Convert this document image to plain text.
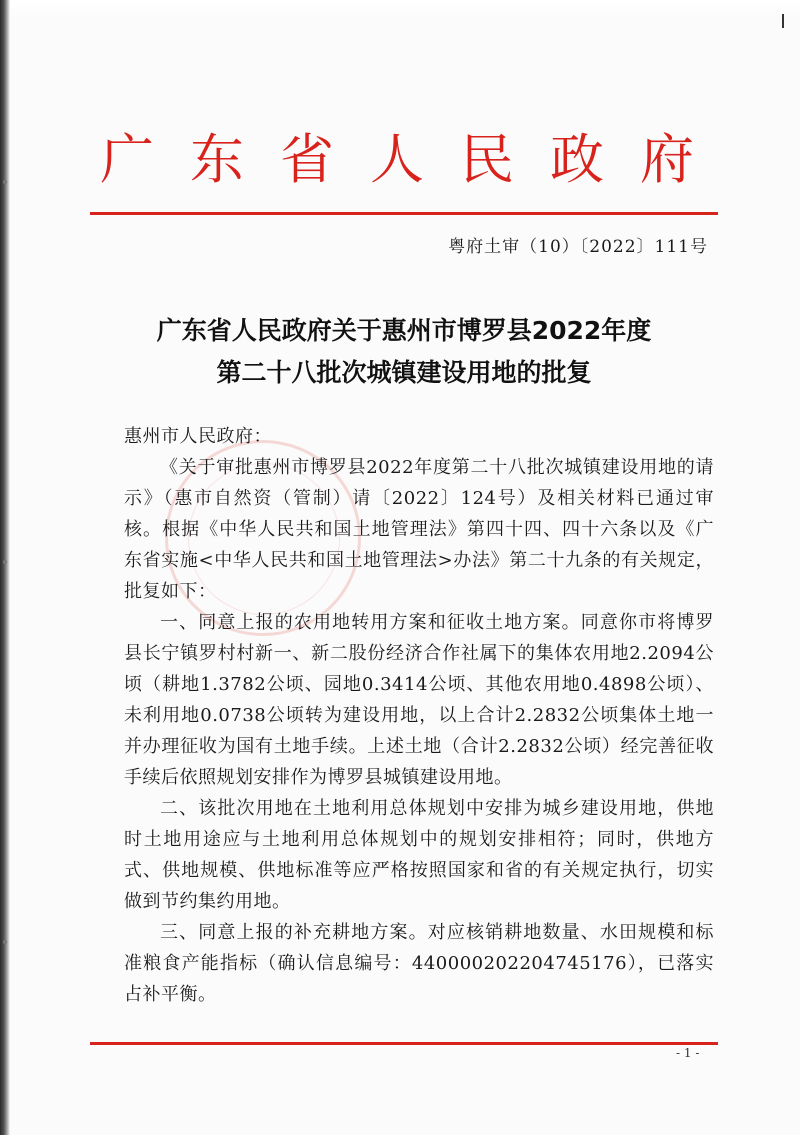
广东省人民政府
粤府土审（10）〔2022〕111号
广东省人民政府关于惠州市博罗县2022年度
第二十八批次城镇建设用地的批复

惠州市人民政府：

《关于审批惠州市博罗县2022年度第二十八批次城镇建设用地的请示》（惠市自然资（管制）请〔2022〕124号）及相关材料已通过审核。根据《中华人民共和国土地管理法》第四十四、四十六条以及《广东省实施<中华人民共和国土地管理法>办法》第二十九条的有关规定，批复如下：

一、同意上报的农用地转用方案和征收土地方案。同意你市将博罗县长宁镇罗村村新一、新二股份经济合作社属下的集体农用地2.2094公顷（耕地1.3782公顷、园地0.3414公顷、其他农用地0.4898公顷）、未利用地0.0738公顷转为建设用地，以上合计2.2832公顷集体土地一并办理征收为国有土地手续。上述土地（合计2.2832公顷）经完善征收手续后依照规划安排作为博罗县城镇建设用地。

二、该批次用地在土地利用总体规划中安排为城乡建设用地，供地时土地用途应与土地利用总体规划中的规划安排相符；同时，供地方式、供地规模、供地标准等应严格按照国家和省的有关规定执行，切实做到节约集约用地。

三、同意上报的补充耕地方案。对应核销耕地数量、水田规模和标准粮食产能指标（确认信息编号：440000202204745176），已落实占补平衡。

- 1 -
